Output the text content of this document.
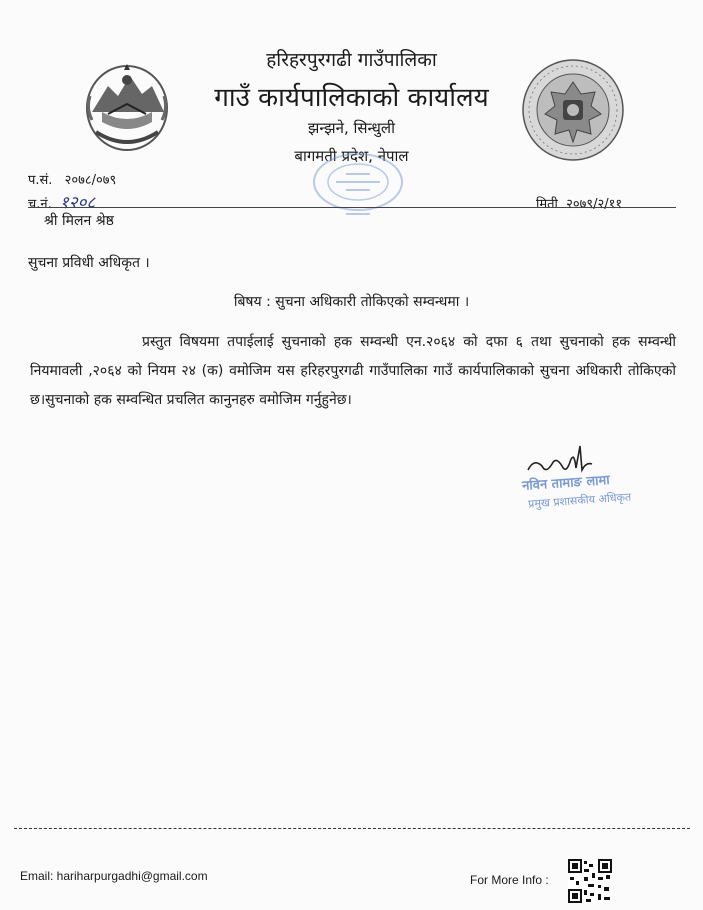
हरिहरपुरगढी गाउँपालिका
गाउँ कार्यपालिकाको कार्यालय
झन्झने, सिन्धुली
बागमती प्रदेश, नेपाल
प.सं. २०७८/०७९
च.नं. १२०८	मिती २०७९/२/११
श्री मिलन श्रेष्ठ
सुचना प्रविधी अधिकृत ।
बिषय : सुचना अधिकारी तोकिएको सम्वन्धमा ।
प्रस्तुत विषयमा तपाईलाई सुचनाको हक सम्वन्धी एन.२०६४ को दफा ६ तथा सुचनाको हक सम्वन्धी नियमावली ,२०६४ को नियम २४ (क) वमोजिम यस हरिहरपुरगढी गाउँपालिका गाउँ कार्यपालिकाको सुचना अधिकारी तोकिएको छ।सुचनाको हक सम्वन्धित प्रचलित कानुनहरु वमोजिम गर्नुहुनेछ।
नविन तामाङ लामा
प्रमुख प्रशासकीय अधिकृत
Email: hariharpurgadhi@gmail.com	For More Info :
